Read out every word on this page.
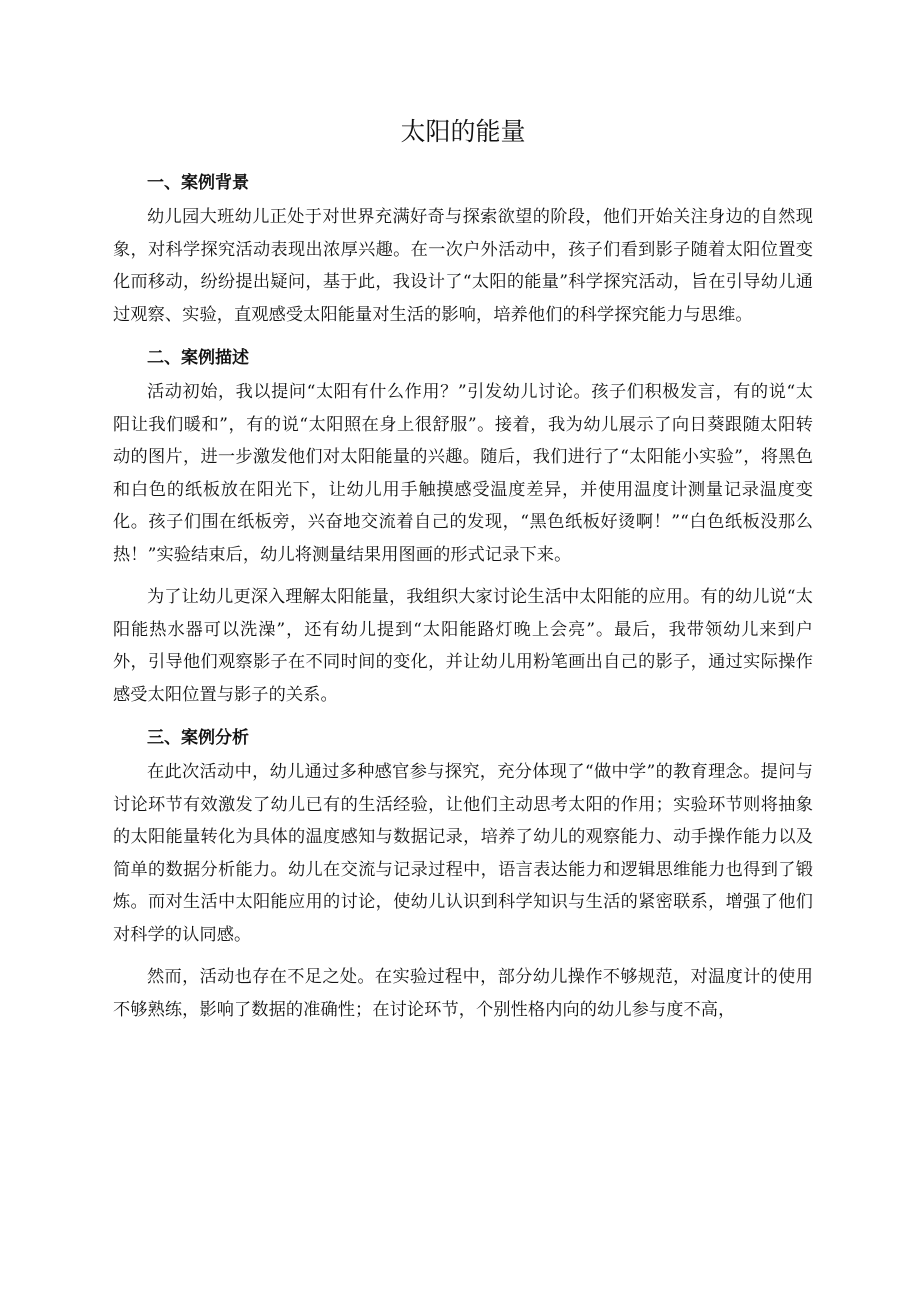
太阳的能量
一、案例背景

幼儿园大班幼儿正处于对世界充满好奇与探索欲望的阶段，他们开始关注身边的自然现象，对科学探究活动表现出浓厚兴趣。在一次户外活动中，孩子们看到影子随着太阳位置变化而移动，纷纷提出疑问，基于此，我设计了“太阳的能量”科学探究活动，旨在引导幼儿通过观察、实验，直观感受太阳能量对生活的影响，培养他们的科学探究能力与思维。

二、案例描述

活动初始，我以提问“太阳有什么作用？”引发幼儿讨论。孩子们积极发言，有的说“太阳让我们暖和”，有的说“太阳照在身上很舒服”。接着，我为幼儿展示了向日葵跟随太阳转动的图片，进一步激发他们对太阳能量的兴趣。随后，我们进行了“太阳能小实验”，将黑色和白色的纸板放在阳光下，让幼儿用手触摸感受温度差异，并使用温度计测量记录温度变化。孩子们围在纸板旁，兴奋地交流着自己的发现，“黑色纸板好烫啊！”“白色纸板没那么热！”实验结束后，幼儿将测量结果用图画的形式记录下来。

为了让幼儿更深入理解太阳能量，我组织大家讨论生活中太阳能的应用。有的幼儿说“太阳能热水器可以洗澡”，还有幼儿提到“太阳能路灯晚上会亮”。最后，我带领幼儿来到户外，引导他们观察影子在不同时间的变化，并让幼儿用粉笔画出自己的影子，通过实际操作感受太阳位置与影子的关系。

三、案例分析

在此次活动中，幼儿通过多种感官参与探究，充分体现了“做中学”的教育理念。提问与讨论环节有效激发了幼儿已有的生活经验，让他们主动思考太阳的作用；实验环节则将抽象的太阳能量转化为具体的温度感知与数据记录，培养了幼儿的观察能力、动手操作能力以及简单的数据分析能力。幼儿在交流与记录过程中，语言表达能力和逻辑思维能力也得到了锻炼。而对生活中太阳能应用的讨论，使幼儿认识到科学知识与生活的紧密联系，增强了他们对科学的认同感。

然而，活动也存在不足之处。在实验过程中，部分幼儿操作不够规范，对温度计的使用不够熟练，影响了数据的准确性；在讨论环节，个别性格内向的幼儿参与度不高，
